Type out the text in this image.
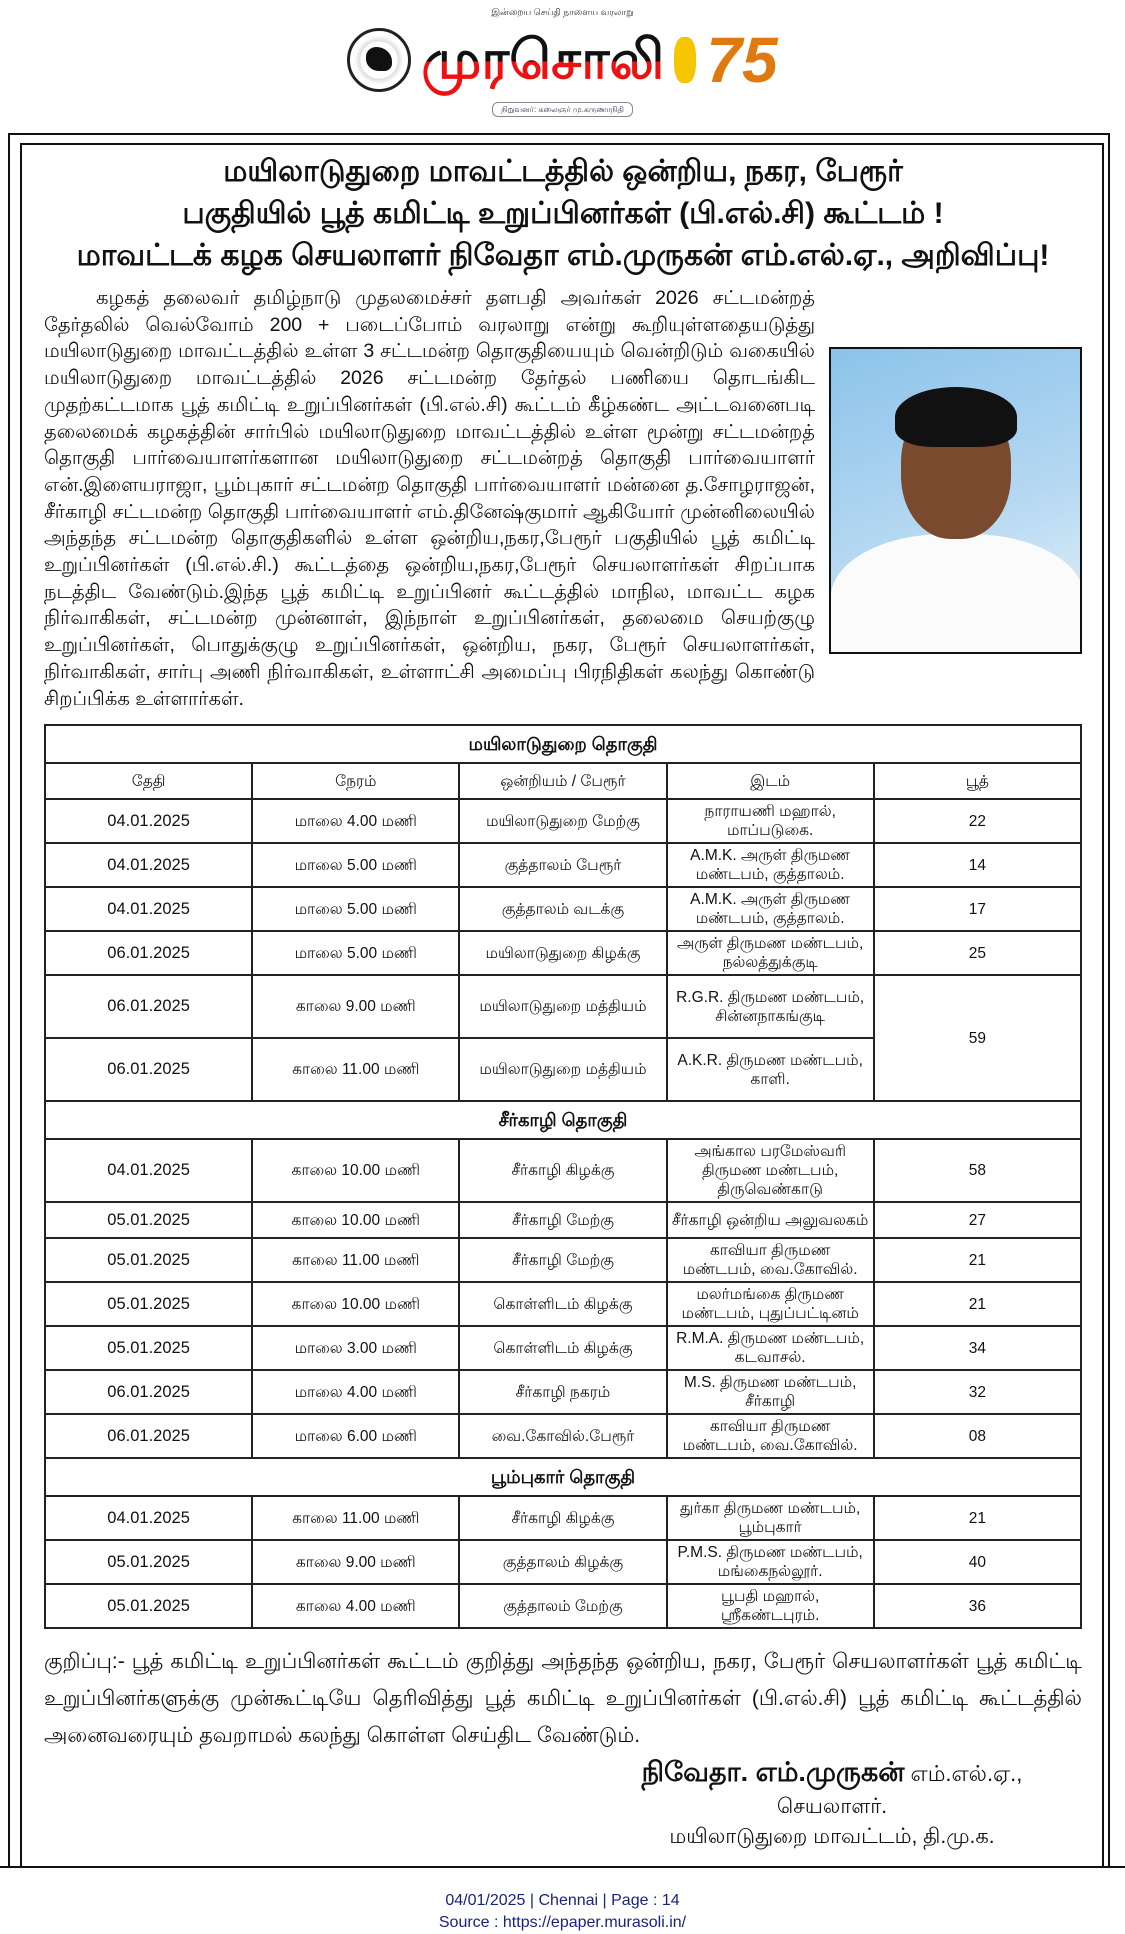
இன்றைய செய்தி நாளைய வரலாறு
முரசொலி 75
நிறுவனர்: கலைஞர் மு.கருணாநிதி
மயிலாடுதுறை மாவட்டத்தில் ஒன்றிய, நகர, பேரூர்
பகுதியில் பூத் கமிட்டி உறுப்பினர்கள் (பி.எல்.சி) கூட்டம் !
மாவட்டக் கழக செயலாளர் நிவேதா எம்.முருகன் எம்.எல்.ஏ., அறிவிப்பு!

கழகத் தலைவர் தமிழ்நாடு முதலமைச்சர் தளபதி அவர்கள் 2026 சட்டமன்றத் தேர்தலில் வெல்வோம் 200 + படைப்போம் வரலாறு என்று கூறியுள்ளதையடுத்து மயிலாடுதுறை மாவட்டத்தில் உள்ள 3 சட்டமன்ற தொகுதியையும் வென்றிடும் வகையில் மயிலாடுதுறை மாவட்டத்தில் 2026 சட்டமன்ற தேர்தல் பணியை தொடங்கிட முதற்கட்டமாக பூத் கமிட்டி உறுப்பினர்கள் (பி.எல்.சி) கூட்டம் கீழ்கண்ட அட்டவனைபடி தலைமைக் கழகத்தின் சார்பில் மயிலாடுதுறை மாவட்டத்தில் உள்ள மூன்று சட்டமன்றத் தொகுதி பார்வையாளர்களான மயிலாடுதுறை சட்டமன்றத் தொகுதி பார்வையாளர் என்.இளையராஜா, பூம்புகார் சட்டமன்ற தொகுதி பார்வையாளர் மன்னை த.சோழராஜன், சீர்காழி சட்டமன்ற தொகுதி பார்வையாளர் எம்.தினேஷ்குமார் ஆகியோர் முன்னிலையில் அந்தந்த சட்டமன்ற தொகுதிகளில் உள்ள ஒன்றிய,நகர,பேரூர் பகுதியில் பூத் கமிட்டி உறுப்பினர்கள் (பி.எல்.சி.) கூட்டத்தை ஒன்றிய,நகர,பேரூர் செயலாளர்கள் சிறப்பாக நடத்திட வேண்டும்.இந்த பூத் கமிட்டி உறுப்பினர் கூட்டத்தில் மாநில, மாவட்ட கழக நிர்வாகிகள், சட்டமன்ற முன்னாள், இந்நாள் உறுப்பினர்கள், தலைமை செயற்குழு உறுப்பினர்கள், பொதுக்குழு உறுப்பினர்கள், ஒன்றிய, நகர, பேரூர் செயலாளர்கள், நிர்வாகிகள், சார்பு அணி நிர்வாகிகள், உள்ளாட்சி அமைப்பு பிரநிதிகள் கலந்து கொண்டு சிறப்பிக்க உள்ளார்கள்.

மயிலாடுதுறை தொகுதி				
தேதி	நேரம்	ஒன்றியம் / பேரூர்	இடம்	பூத்
04.01.2025	மாலை 4.00 மணி	மயிலாடுதுறை மேற்கு	நாராயணி மஹால், மாப்படுகை.	22
04.01.2025	மாலை 5.00 மணி	குத்தாலம் பேரூர்	A.M.K. அருள் திருமண மண்டபம், குத்தாலம்.	14
04.01.2025	மாலை 5.00 மணி	குத்தாலம் வடக்கு	A.M.K. அருள் திருமண மண்டபம், குத்தாலம்.	17
06.01.2025	மாலை 5.00 மணி	மயிலாடுதுறை கிழக்கு	அருள் திருமண மண்டபம், நல்லத்துக்குடி	25
06.01.2025	காலை 9.00 மணி	மயிலாடுதுறை மத்தியம்	R.G.R. திருமண மண்டபம், சின்னநாகங்குடி	59
06.01.2025	காலை 11.00 மணி	மயிலாடுதுறை மத்தியம்	A.K.R. திருமண மண்டபம், காளி.	
சீர்காழி தொகுதி				
04.01.2025	காலை 10.00 மணி	சீர்காழி கிழக்கு	அங்கால பரமேஸ்வரி திருமண மண்டபம், திருவெண்காடு	58
05.01.2025	காலை 10.00 மணி	சீர்காழி மேற்கு	சீர்காழி ஒன்றிய அலுவலகம்	27
05.01.2025	காலை 11.00 மணி	சீர்காழி மேற்கு	காவியா திருமண மண்டபம், வை.கோவில்.	21
05.01.2025	காலை 10.00 மணி	கொள்ளிடம் கிழக்கு	மலர்மங்கை திருமண மண்டபம், புதுப்பட்டினம்	21
05.01.2025	மாலை 3.00 மணி	கொள்ளிடம் கிழக்கு	R.M.A. திருமண மண்டபம், கடவாசல்.	34
06.01.2025	மாலை 4.00 மணி	சீர்காழி நகரம்	M.S. திருமண மண்டபம், சீர்காழி	32
06.01.2025	மாலை 6.00 மணி	வை.கோவில்.பேரூர்	காவியா திருமண மண்டபம், வை.கோவில்.	08
பூம்புகார் தொகுதி				
04.01.2025	காலை 11.00 மணி	சீர்காழி கிழக்கு	துர்கா திருமண மண்டபம், பூம்புகார்	21
05.01.2025	காலை 9.00 மணி	குத்தாலம் கிழக்கு	P.M.S. திருமண மண்டபம், மங்கைநல்லூர்.	40
05.01.2025	காலை 4.00 மணி	குத்தாலம் மேற்கு	பூபதி மஹால், ஸ்ரீகண்டபுரம்.	36

குறிப்பு:- பூத் கமிட்டி உறுப்பினர்கள் கூட்டம் குறித்து அந்தந்த ஒன்றிய, நகர, பேரூர் செயலாளர்கள் பூத் கமிட்டி உறுப்பினர்களுக்கு முன்கூட்டியே தெரிவித்து பூத் கமிட்டி உறுப்பினர்கள் (பி.எல்.சி) பூத் கமிட்டி கூட்டத்தில் அனைவரையும் தவறாமல் கலந்து கொள்ள செய்திட வேண்டும்.

நிவேதா. எம்.முருகன் எம்.எல்.ஏ.,
செயலாளர்.
மயிலாடுதுறை மாவட்டம், தி.மு.க.
04/01/2025 | Chennai | Page : 14
Source : https://epaper.murasoli.in/
